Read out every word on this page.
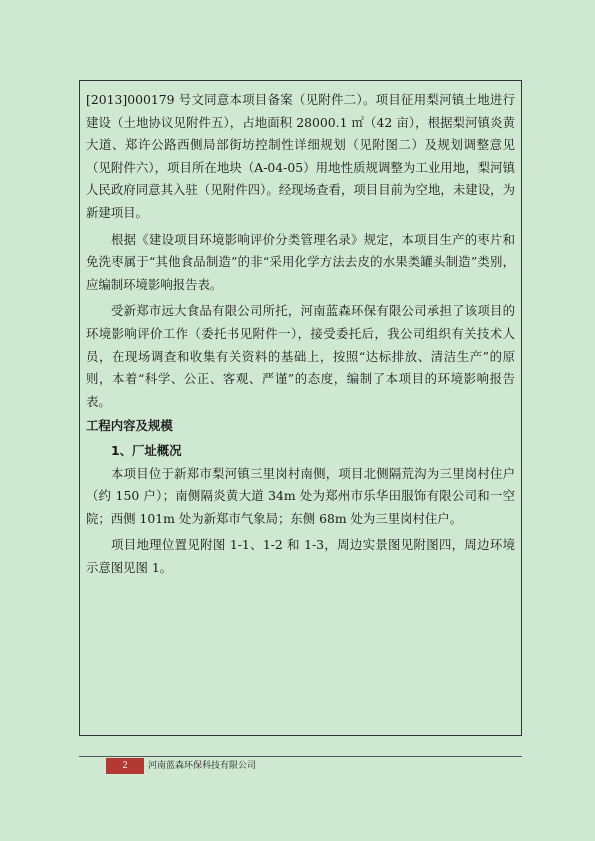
[2013]000179 号文同意本项目备案（见附件二）。项目征用梨河镇土地进行建设（土地协议见附件五），占地面积 28000.1 ㎡（42 亩），根据梨河镇炎黄大道、郑许公路西侧局部街坊控制性详细规划（见附图二）及规划调整意见（见附件六），项目所在地块（A-04-05）用地性质规调整为工业用地，梨河镇人民政府同意其入驻（见附件四）。经现场查看，项目目前为空地，未建设，为新建项目。

根据《建设项目环境影响评价分类管理名录》规定，本项目生产的枣片和免洗枣属于“其他食品制造”的非“采用化学方法去皮的水果类罐头制造”类别，应编制环境影响报告表。

受新郑市远大食品有限公司所托，河南蓝森环保有限公司承担了该项目的环境影响评价工作（委托书见附件一），接受委托后，我公司组织有关技术人员，在现场调查和收集有关资料的基础上，按照“达标排放、清洁生产”的原则，本着“科学、公正、客观、严谨”的态度，编制了本项目的环境影响报告表。

工程内容及规模

1、厂址概况

本项目位于新郑市梨河镇三里岗村南侧，项目北侧隔荒沟为三里岗村住户（约 150 户）；南侧隔炎黄大道 34m 处为郑州市乐华田服饰有限公司和一空院；西侧 101m 处为新郑市气象局；东侧 68m 处为三里岗村住户。

项目地理位置见附图 1-1、1-2 和 1-3，周边实景图见附图四，周边环境示意图见图 1。

2	河南蓝森环保科技有限公司
